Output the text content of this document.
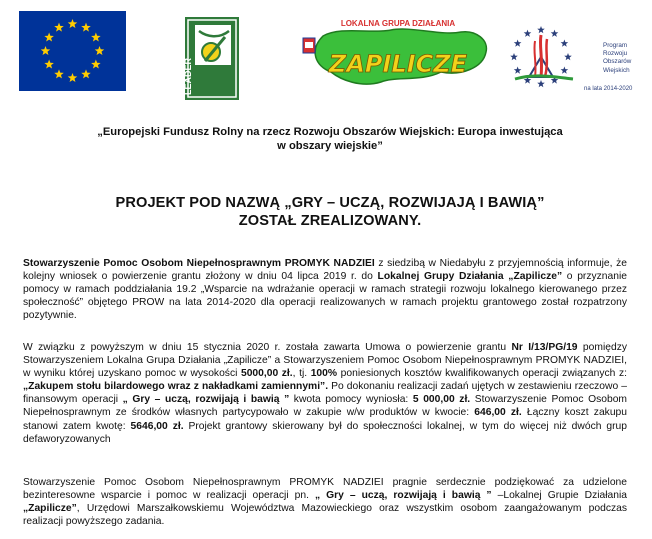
LEADER
LOKALNA GRUPA DZIAŁANIA
ZAPILICZE
Program
Rozwoju
Obszarów
Wiejskich
na lata 2014-2020
„Europejski Fundusz Rolny na rzecz Rozwoju Obszarów Wiejskich: Europa inwestująca
w obszary wiejskie”
PROJEKT POD NAZWĄ „GRY – UCZĄ, ROZWIJAJĄ I BAWIĄ”
ZOSTAŁ ZREALIZOWANY.
Stowarzyszenie Pomoc Osobom Niepełnosprawnym PROMYK NADZIEI z siedzibą w Niedabyłu z przyjemnością informuje, że kolejny wniosek o powierzenie grantu złożony w dniu 04 lipca 2019 r. do Lokalnej Grupy Działania „Zapilicze” o przyznanie pomocy w ramach poddziałania 19.2 „Wsparcie na wdrażanie operacji w ramach strategii rozwoju lokalnego kierowanego przez społeczność” objętego PROW na lata 2014-2020 dla operacji realizowanych w ramach projektu grantowego został rozpatrzony pozytywnie.
W związku z powyższym w dniu 15 stycznia 2020 r. została zawarta Umowa o powierzenie grantu Nr I/13/PG/19 pomiędzy Stowarzyszeniem Lokalna Grupa Działania „Zapilicze” a Stowarzyszeniem Pomoc Osobom Niepełnosprawnym PROMYK NADZIEI, w wyniku której uzyskano pomoc w wysokości 5000,00 zł., tj. 100% poniesionych kosztów kwalifikowanych operacji związanych z: „Zakupem stołu bilardowego wraz z nakładkami zamiennymi”. Po dokonaniu realizacji zadań ujętych w zestawieniu rzeczowo – finansowym operacji „ Gry – uczą, rozwijają i bawią ” kwota pomocy wyniosła: 5 000,00 zł. Stowarzyszenie Pomoc Osobom Niepełnosprawnym ze środków własnych partycypowało w zakupie w/w produktów w kwocie: 646,00 zł. Łączny koszt zakupu stanowi zatem kwotę: 5646,00 zł. Projekt grantowy skierowany był do społeczności lokalnej, w tym do więcej niż dwóch grup defaworyzowanych
Stowarzyszenie Pomoc Osobom Niepełnosprawnym PROMYK NADZIEI pragnie serdecznie podziękować za udzielone bezinteresowne wsparcie i pomoc w realizacji operacji pn. „ Gry – uczą, rozwijają i bawią ” –Lokalnej Grupie Działania „Zapilicze”, Urzędowi Marszałkowskiemu Województwa Mazowieckiego oraz wszystkim osobom zaangażowanym podczas realizacji powyższego zadania.
